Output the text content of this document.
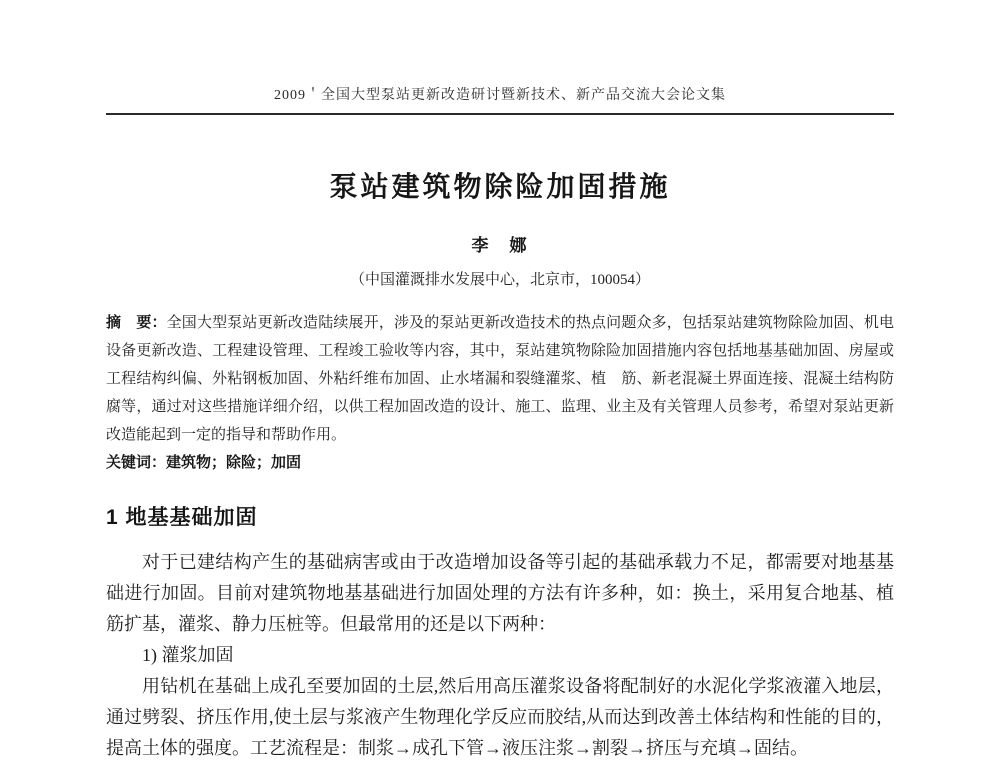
2009＇全国大型泵站更新改造研讨暨新技术、新产品交流大会论文集
泵站建筑物除险加固措施
李　娜
（中国灌溉排水发展中心，北京市，100054）

摘　要：全国大型泵站更新改造陆续展开，涉及的泵站更新改造技术的热点问题众多，包括泵站建筑物除险加固、机电设备更新改造、工程建设管理、工程竣工验收等内容，其中，泵站建筑物除险加固措施内容包括地基基础加固、房屋或工程结构纠偏、外粘钢板加固、外粘纤维布加固、止水堵漏和裂缝灌浆、植　筋、新老混凝土界面连接、混凝土结构防腐等，通过对这些措施详细介绍，以供工程加固改造的设计、施工、监理、业主及有关管理人员参考，希望对泵站更新改造能起到一定的指导和帮助作用。

关键词：建筑物；除险；加固

1 地基基础加固

对于已建结构产生的基础病害或由于改造增加设备等引起的基础承载力不足，都需要对地基基础进行加固。目前对建筑物地基基础进行加固处理的方法有许多种，如：换土，采用复合地基、植筋扩基，灌浆、静力压桩等。但最常用的还是以下两种：

1) 灌浆加固

用钻机在基础上成孔至要加固的土层,然后用高压灌浆设备将配制好的水泥化学浆液灌入地层，通过劈裂、挤压作用,使土层与浆液产生物理化学反应而胶结,从而达到改善土体结构和性能的目的，提高土体的强度。工艺流程是：制浆→成孔下管→液压注浆→割裂→挤压与充填→固结。
